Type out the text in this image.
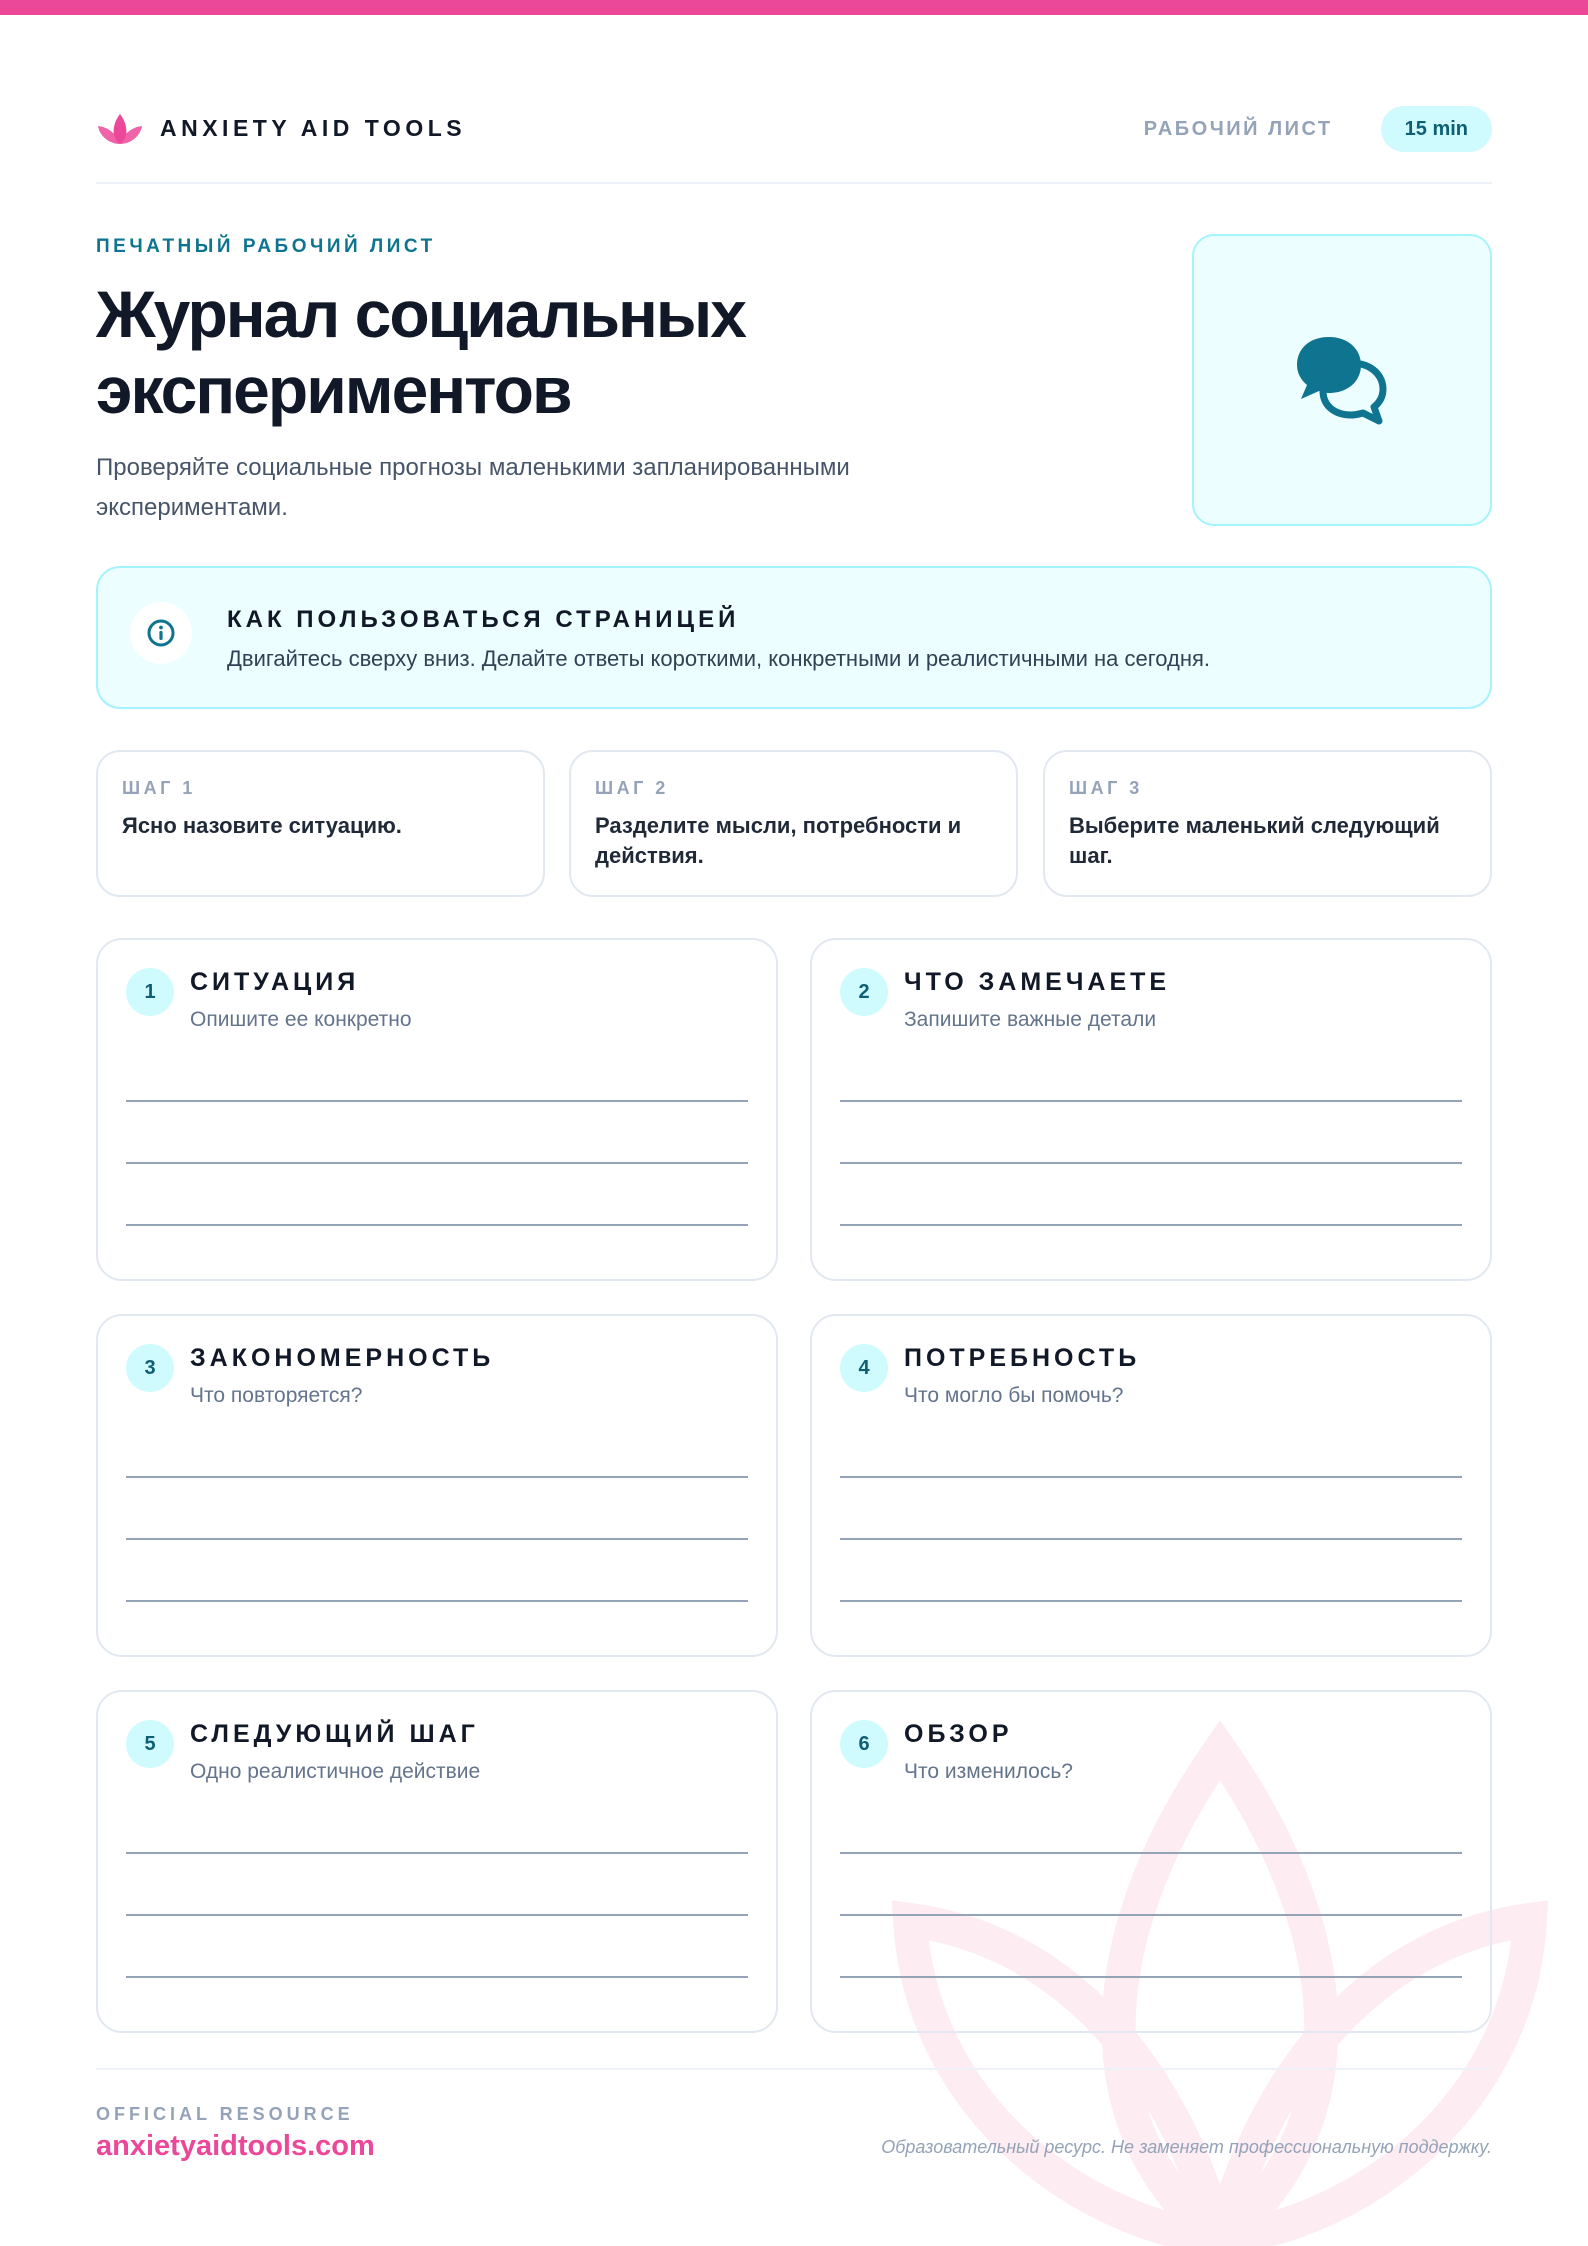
ANXIETY AID TOOLS	РАБОЧИЙ ЛИСТ	15 min
ПЕЧАТНЫЙ РАБОЧИЙ ЛИСТ
Журнал социальных экспериментов

Проверяйте социальные прогнозы маленькими запланированными экспериментами.

КАК ПОЛЬЗОВАТЬСЯ СТРАНИЦЕЙ
Двигайтесь сверху вниз. Делайте ответы короткими, конкретными и реалистичными на сегодня.
ШАГ 1
Ясно назовите ситуацию.
ШАГ 2
Разделите мысли, потребности и действия.
ШАГ 3
Выберите маленький следующий шаг.
1	СИТУАЦИЯ
Опишите ее конкретно
2	ЧТО ЗАМЕЧАЕТЕ
Запишите важные детали
3	ЗАКОНОМЕРНОСТЬ
Что повторяется?
4	ПОТРЕБНОСТЬ
Что могло бы помочь?
5	СЛЕДУЮЩИЙ ШАГ
Одно реалистичное действие
6	ОБЗОР
Что изменилось?
OFFICIAL RESOURCE
anxietyaidtools.com	Образовательный ресурс. Не заменяет профессиональную поддержку.
